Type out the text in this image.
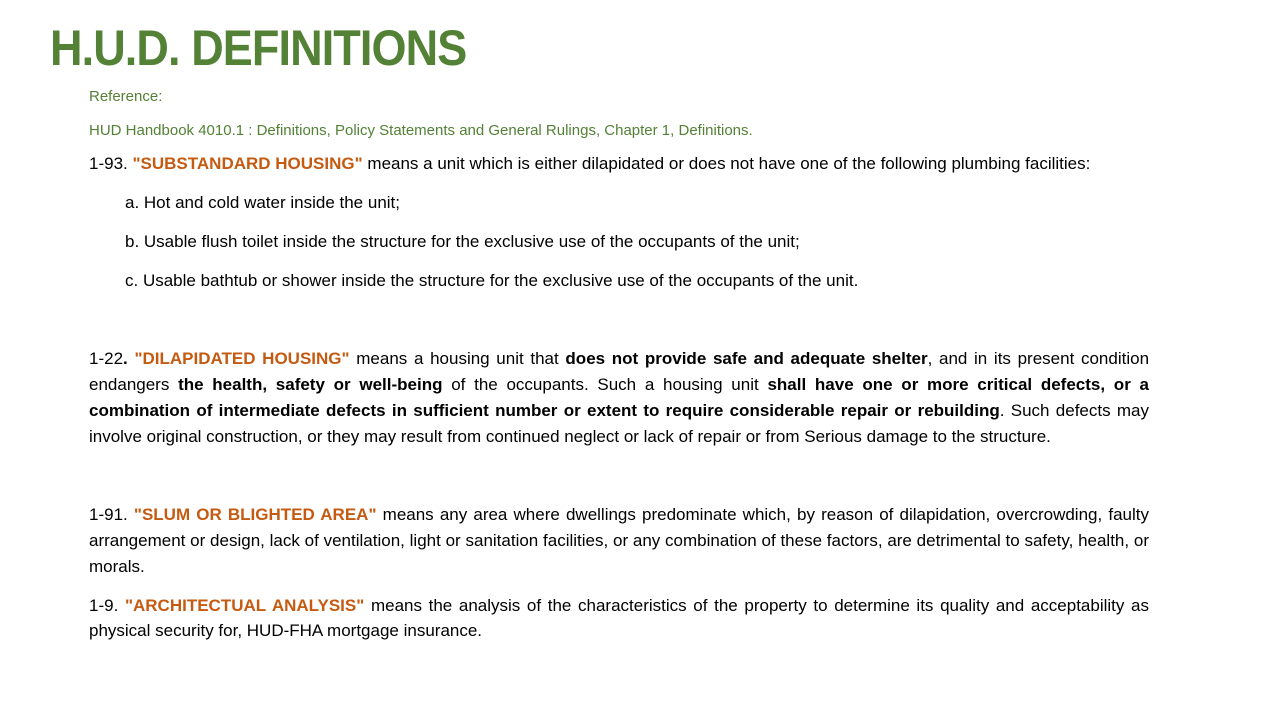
H.U.D. DEFINITIONS

Reference:

HUD Handbook 4010.1 : Definitions, Policy Statements and General Rulings, Chapter 1, Definitions.

1-93. "SUBSTANDARD HOUSING" means a unit which is either dilapidated or does not have one of the following plumbing facilities:

a. Hot and cold water inside the unit;

b. Usable flush toilet inside the structure for the exclusive use of the occupants of the unit;

c. Usable bathtub or shower inside the structure for the exclusive use of the occupants of the unit.

1-22. "DILAPIDATED HOUSING" means a housing unit that does not provide safe and adequate shelter, and in its present condition endangers the health, safety or well-being of the occupants. Such a housing unit shall have one or more critical defects, or a combination of intermediate defects in sufficient number or extent to require considerable repair or rebuilding. Such defects may involve original construction, or they may result from continued neglect or lack of repair or from Serious damage to the structure.

1-91. "SLUM OR BLIGHTED AREA" means any area where dwellings predominate which, by reason of dilapidation, overcrowding, faulty arrangement or design, lack of ventilation, light or sanitation facilities, or any combination of these factors, are detrimental to safety, health, or morals.

1-9. "ARCHITECTUAL ANALYSIS" means the analysis of the characteristics of the property to determine its quality and acceptability as physical security for, HUD-FHA mortgage insurance.
